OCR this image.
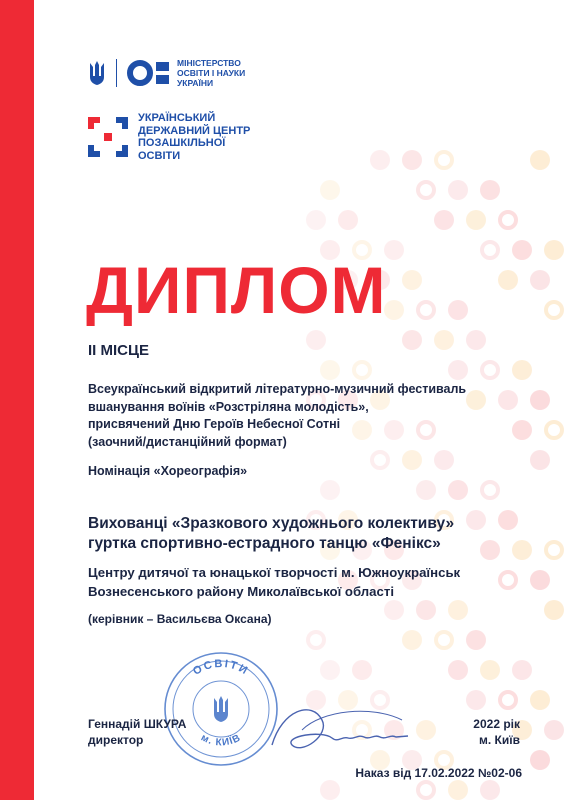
МІНІСТЕРСТВО
ОСВІТИ І НАУКИ
УКРАЇНИ
УКРАЇНСЬКИЙ
ДЕРЖАВНИЙ ЦЕНТР
ПОЗАШКІЛЬНОЇ
ОСВІТИ
ДИПЛОМ
ІІ МІСЦЕ
Всеукраїнський відкритий літературно-музичний фестиваль
вшанування воїнів «Розстріляна молодість»,
присвячений Дню Героїв Небесної Сотні
(заочний/дистанційний формат)
Номінація «Хореографія»
Вихованці «Зразкового художнього колективу»
гуртка спортивно-естрадного танцю «Фенікс»
Центру дитячої та юнацької творчості м. Южноукраїнськ
Вознесенського району Миколаївської області
(керівник – Васильєва Оксана)
ОСВІТИ
м. КИЇВ
Геннадій ШКУРА
директор
2022 рік
м. Київ
Наказ від 17.02.2022 №02-06
